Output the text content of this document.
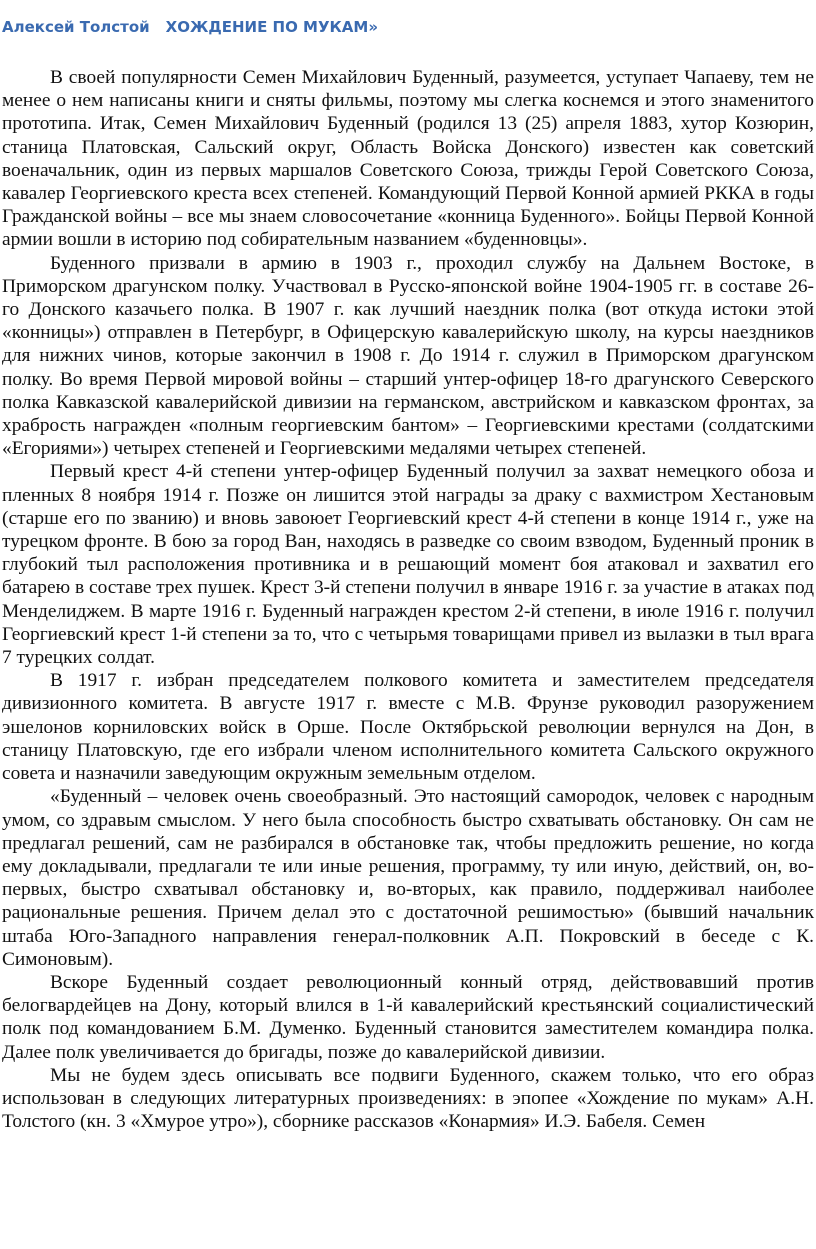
Алексей Толстой ХОЖДЕНИЕ ПО МУКАМ»

В своей популярности Семен Михайлович Буденный, разумеется, уступает Чапаеву, тем не менее о нем написаны книги и сняты фильмы, поэтому мы слегка коснемся и этого знаменитого прототипа. Итак, Семен Михайлович Буденный (родился 13 (25) апреля 1883, хутор Козюрин, станица Платовская, Сальский округ, Область Войска Донского) известен как советский военачальник, один из первых маршалов Советского Союза, трижды Герой Советского Союза, кавалер Георгиевского креста всех степеней. Командующий Первой Конной армией РККА в годы Гражданской войны – все мы знаем словосочетание «конница Буденного». Бойцы Первой Конной армии вошли в историю под собирательным названием «буденновцы».

Буденного призвали в армию в 1903 г., проходил службу на Дальнем Востоке, в Приморском драгунском полку. Участвовал в Русско-японской войне 1904-1905 гг. в составе 26-го Донского казачьего полка. В 1907 г. как лучший наездник полка (вот откуда истоки этой «конницы») отправлен в Петербург, в Офицерскую кавалерийскую школу, на курсы наездников для нижних чинов, которые закончил в 1908 г. До 1914 г. служил в Приморском драгунском полку. Во время Первой мировой войны – старший унтер-офицер 18-го драгунского Северского полка Кавказской кавалерийской дивизии на германском, австрийском и кавказском фронтах, за храбрость награжден «полным георгиевским бантом» – Георгиевскими крестами (солдатскими «Егориями») четырех степеней и Георгиевскими медалями четырех степеней.

Первый крест 4-й степени унтер-офицер Буденный получил за захват немецкого обоза и пленных 8 ноября 1914 г. Позже он лишится этой награды за драку с вахмистром Хестановым (старше его по званию) и вновь завоюет Георгиевский крест 4-й степени в конце 1914 г., уже на турецком фронте. В бою за город Ван, находясь в разведке со своим взводом, Буденный проник в глубокий тыл расположения противника и в решающий момент боя атаковал и захватил его батарею в составе трех пушек. Крест 3-й степени получил в январе 1916 г. за участие в атаках под Менделиджем. В марте 1916 г. Буденный награжден крестом 2-й степени, в июле 1916 г. получил Георгиевский крест 1-й степени за то, что с четырьмя товарищами привел из вылазки в тыл врага 7 турецких солдат.

В 1917 г. избран председателем полкового комитета и заместителем председателя дивизионного комитета. В августе 1917 г. вместе с М.В. Фрунзе руководил разоружением эшелонов корниловских войск в Орше. После Октябрьской революции вернулся на Дон, в станицу Платовскую, где его избрали членом исполнительного комитета Сальского окружного совета и назначили заведующим окружным земельным отделом.

«Буденный – человек очень своеобразный. Это настоящий самородок, человек с народным умом, со здравым смыслом. У него была способность быстро схватывать обстановку. Он сам не предлагал решений, сам не разбирался в обстановке так, чтобы предложить решение, но когда ему докладывали, предлагали те или иные решения, программу, ту или иную, действий, он, во-первых, быстро схватывал обстановку и, во-вторых, как правило, поддерживал наиболее рациональные решения. Причем делал это с достаточной решимостью» (бывший начальник штаба Юго-Западного направления генерал-полковник А.П. Покровский в беседе с К. Симоновым).

Вскоре Буденный создает революционный конный отряд, действовавший против белогвардейцев на Дону, который влился в 1-й кавалерийский крестьянский социалистический полк под командованием Б.М. Думенко. Буденный становится заместителем командира полка. Далее полк увеличивается до бригады, позже до кавалерийской дивизии.

Мы не будем здесь описывать все подвиги Буденного, скажем только, что его образ использован в следующих литературных произведениях: в эпопее «Хождение по мукам» А.Н. Толстого (кн. 3 «Хмурое утро»), сборнике рассказов «Конармия» И.Э. Бабеля. Семен
